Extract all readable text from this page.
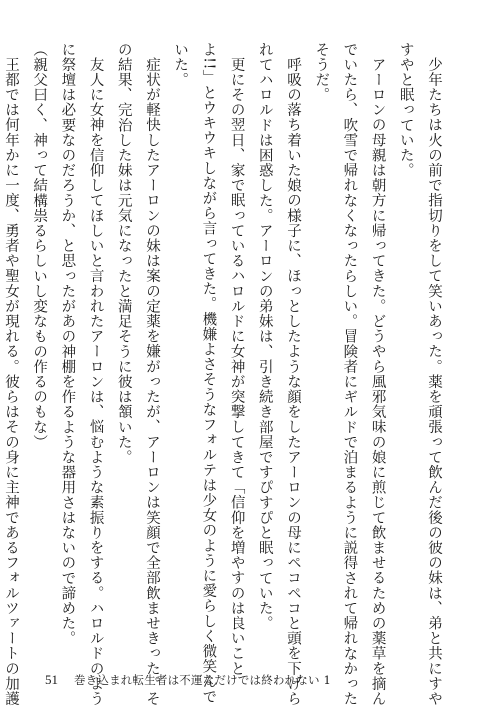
少年たちは火の前で指切りをして笑いあった。薬を頑張って飲んだ後の彼の妹は、弟と共にすや
すやと眠っていた。
アーロンの母親は朝方に帰ってきた。どうやら風邪気味の娘に煎じて飲ませるための薬草を摘ん
でいたら、吹雪で帰れなくなったらしい。冒険者にギルドで泊まるように説得されて帰れなかった
そうだ。
呼吸の落ち着いた娘の様子に、ほっとしたような顔をしたアーロンの母にペコペコと頭を下げら
れてハロルドは困惑した。アーロンの弟妹は、引き続き部屋ですぴすぴと眠っていた。
更にその翌日、家で眠っているハロルドに女神が突撃してきて「信仰を増やすのは良いこと
よ!!」とウキウキしながら言ってきた。機嫌よさそうなフォルテは少女のように愛らしく微笑んで
いた。
症状が軽快したアーロンの妹は案の定薬を嫌がったが、アーロンは笑顔で全部飲ませきった。そ
の結果、完治した妹は元気になったと満足そうに彼は頷いた。
友人に女神を信仰してほしいと言われたアーロンは、悩むような素振りをする。ハロルドのよう
に祭壇は必要なのだろうか、と思ったがあの神棚を作るような器用さはないので諦めた。
（親父曰く、神って結構祟るらしいし変なもの作るのもな）
王都では何年かに一度、勇者や聖女が現れる。彼らはその身に主神であるフォルツァートの加護	51 巻き込まれ転生者は不運なだけでは終われない 1
